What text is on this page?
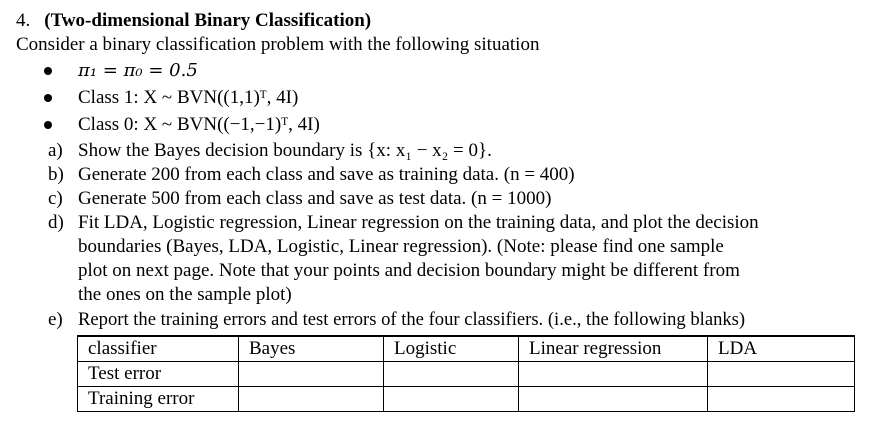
4. (Two-dimensional Binary Classification)
Consider a binary classification problem with the following situation
π₁ = π₀ = 0.5
Class 1: X ~ BVN((1,1)ᵀ, 4I)
Class 0: X ~ BVN((−1,−1)ᵀ, 4I)
a) Show the Bayes decision boundary is {x: x₁ − x₂ = 0}.
b) Generate 200 from each class and save as training data. (n = 400)
c) Generate 500 from each class and save as test data. (n = 1000)
d) Fit LDA, Logistic regression, Linear regression on the training data, and plot the decision
boundaries (Bayes, LDA, Logistic, Linear regression). (Note: please find one sample
plot on next page. Note that your points and decision boundary might be different from
the ones on the sample plot)
e) Report the training errors and test errors of the four classifiers. (i.e., the following blanks)
classifier	Bayes	Logistic	Linear regression	LDA
Test error				
Training error				
